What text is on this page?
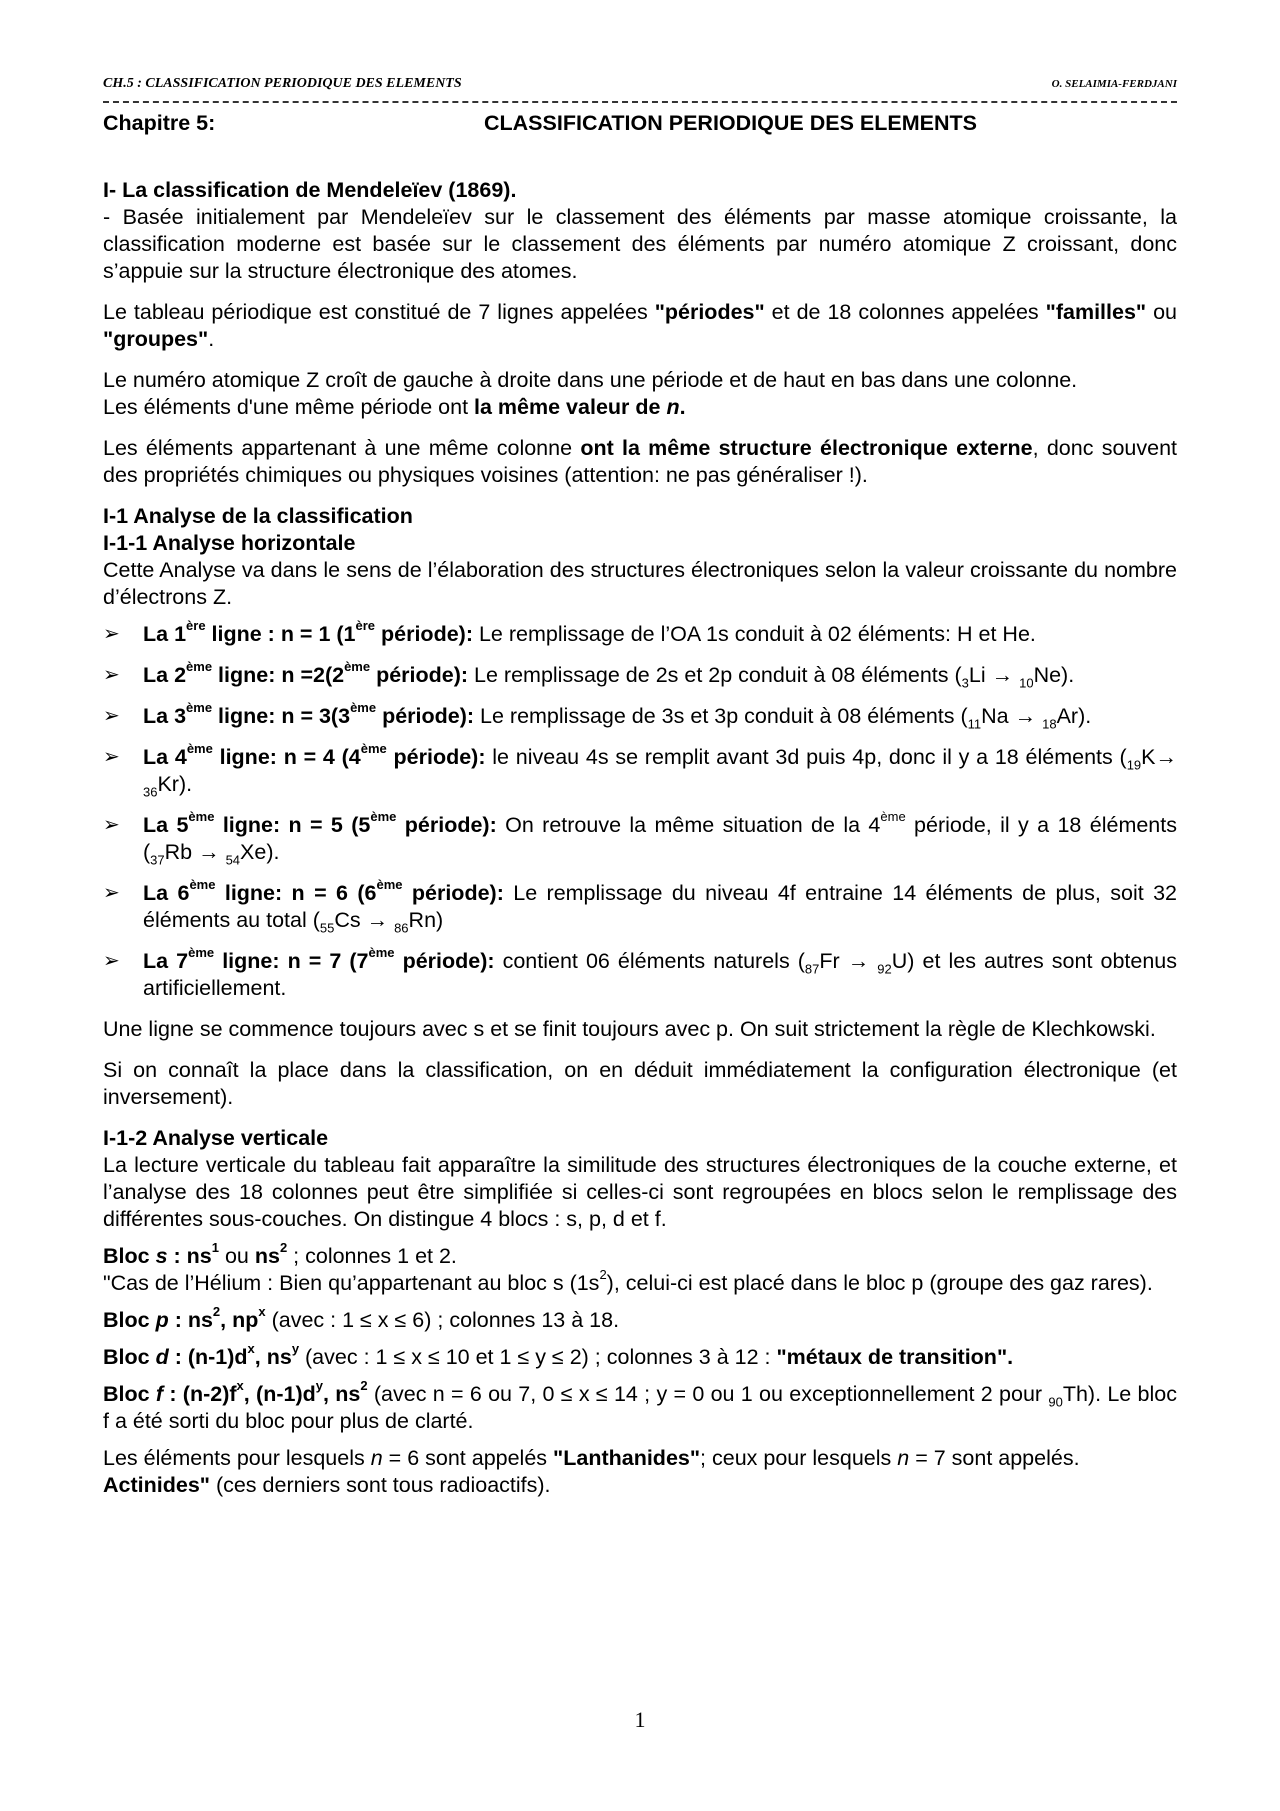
CH.5 : CLASSIFICATION PERIODIQUE DES ELEMENTS	O. SELAIMIA-FERDJANI
Chapitre 5:	CLASSIFICATION PERIODIQUE DES ELEMENTS
I- La classification de Mendeleïev (1869).

- Basée initialement par Mendeleïev sur le classement des éléments par masse atomique croissante, la classification moderne est basée sur le classement des éléments par numéro atomique Z croissant, donc s’appuie sur la structure électronique des atomes.

Le tableau périodique est constitué de 7 lignes appelées "périodes" et de 18 colonnes appelées "familles" ou "groupes".

Le numéro atomique Z croît de gauche à droite dans une période et de haut en bas dans une colonne.
Les éléments d'une même période ont la même valeur de n.

Les éléments appartenant à une même colonne ont la même structure électronique externe, donc souvent des propriétés chimiques ou physiques voisines (attention: ne pas généraliser !).

I-1 Analyse de la classification
I-1-1 Analyse horizontale

Cette Analyse va dans le sens de l’élaboration des structures électroniques selon la valeur croissante du nombre d’électrons Z.

➢ La 1ère ligne : n = 1 (1ère période): Le remplissage de l’OA 1s conduit à 02 éléments: H et He.
➢ La 2ème ligne: n =2(2ème période): Le remplissage de 2s et 2p conduit à 08 éléments $(_3Li \to _{10}Ne)$.
➢ La 3ème ligne: n = 3(3ème période): Le remplissage de 3s et 3p conduit à 08 éléments $(_{11}Na \to _{18}Ar)$.
➢ La 4ème ligne: n = 4 (4ème période): le niveau 4s se remplit avant 3d puis 4p, donc il y a 18 éléments $(_{19}K\to _{36}Kr)$.
➢ La 5ème ligne: n = 5 (5ème période): On retrouve la même situation de la 4ème période, il y a 18 éléments $(_{37}Rb \to _{54}Xe)$.
➢ La 6ème ligne: n = 6 (6ème période): Le remplissage du niveau 4f entraine 14 éléments de plus, soit 32 éléments au total $(_{55}Cs \to _{86}Rn)$
➢ La 7ème ligne: n = 7 (7ème période): contient 06 éléments naturels $(_{87}Fr \to _{92}U)$ et les autres sont obtenus artificiellement.

Une ligne se commence toujours avec s et se finit toujours avec p. On suit strictement la règle de Klechkowski.

Si on connaît la place dans la classification, on en déduit immédiatement la configuration électronique (et inversement).

I-1-2 Analyse verticale

La lecture verticale du tableau fait apparaître la similitude des structures électroniques de la couche externe, et l’analyse des 18 colonnes peut être simplifiée si celles-ci sont regroupées en blocs selon le remplissage des différentes sous-couches. On distingue 4 blocs : s, p, d et f.

Bloc s : $ns^1$ ou $ns^2$ ; colonnes 1 et 2.

"Cas de l’Hélium : Bien qu’appartenant au bloc s $(1s^2)$, celui-ci est placé dans le bloc p (groupe des gaz rares).

Bloc p : $ns^2$, $np^x$ (avec : 1 ≤ x ≤ 6) ; colonnes 13 à 18.

Bloc d : $(n-1)d^x$, $ns^y$ (avec : 1 ≤ x ≤ 10 et 1 ≤ y ≤ 2) ; colonnes 3 à 12 : "métaux de transition".

Bloc f : $(n-2)f^x$, $(n-1)d^y$, $ns^2$ (avec n = 6 ou 7, 0 ≤ x ≤ 14 ; y = 0 ou 1 ou exceptionnellement 2 pour $_{90}$Th). Le bloc f a été sorti du bloc pour plus de clarté.

Les éléments pour lesquels n = 6 sont appelés "Lanthanides"; ceux pour lesquels n = 7 sont appelés.
Actinides" (ces derniers sont tous radioactifs).

1
